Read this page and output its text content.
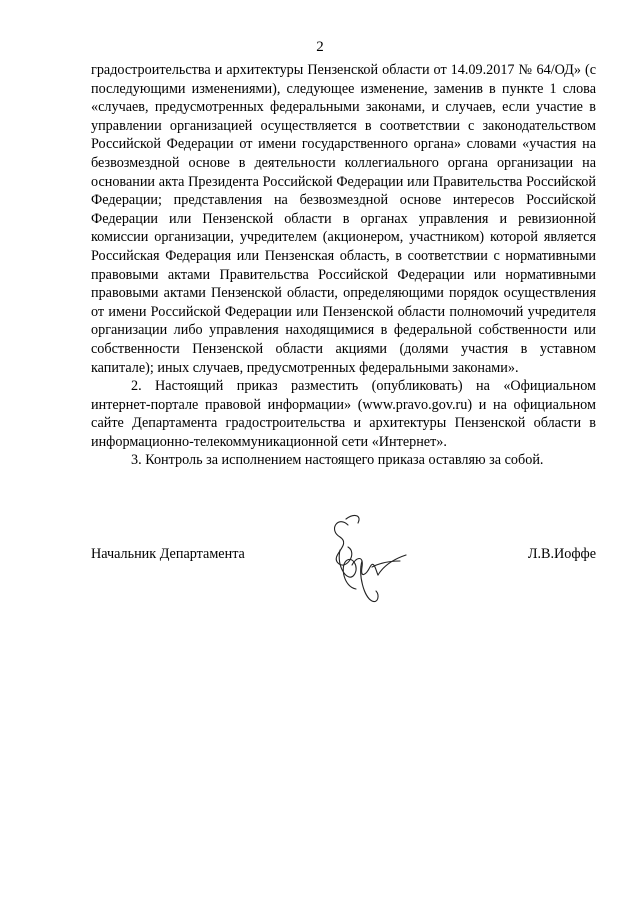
2

градостроительства и архитектуры Пензенской области от 14.09.2017 № 64/ОД» (с последующими изменениями), следующее изменение, заменив в пункте 1 слова «случаев, предусмотренных федеральными законами, и случаев, если участие в управлении организацией осуществляется в соответствии с законодательством Российской Федерации от имени государственного органа» словами «участия на безвозмездной основе в деятельности коллегиального органа организации на основании акта Президента Российской Федерации или Правительства Российской Федерации; представления на безвозмездной основе интересов Российской Федерации или Пензенской области в органах управления и ревизионной комиссии организации, учредителем (акционером, участником) которой является Российская Федерация или Пензенская область, в соответствии с нормативными правовыми актами Правительства Российской Федерации или нормативными правовыми актами Пензенской области, определяющими порядок осуществления от имени Российской Федерации или Пензенской области полномочий учредителя организации либо управления находящимися в федеральной собственности или собственности Пензенской области акциями (долями участия в уставном капитале); иных случаев, предусмотренных федеральными законами».

2. Настоящий приказ разместить (опубликовать) на «Официальном интернет-портале правовой информации» (www.pravo.gov.ru) и на официальном сайте Департамента градостроительства и архитектуры Пензенской области в информационно-телекоммуникационной сети «Интернет».

3. Контроль за исполнением настоящего приказа оставляю за собой.

Начальник Департамента	Л.В.Иоффе
